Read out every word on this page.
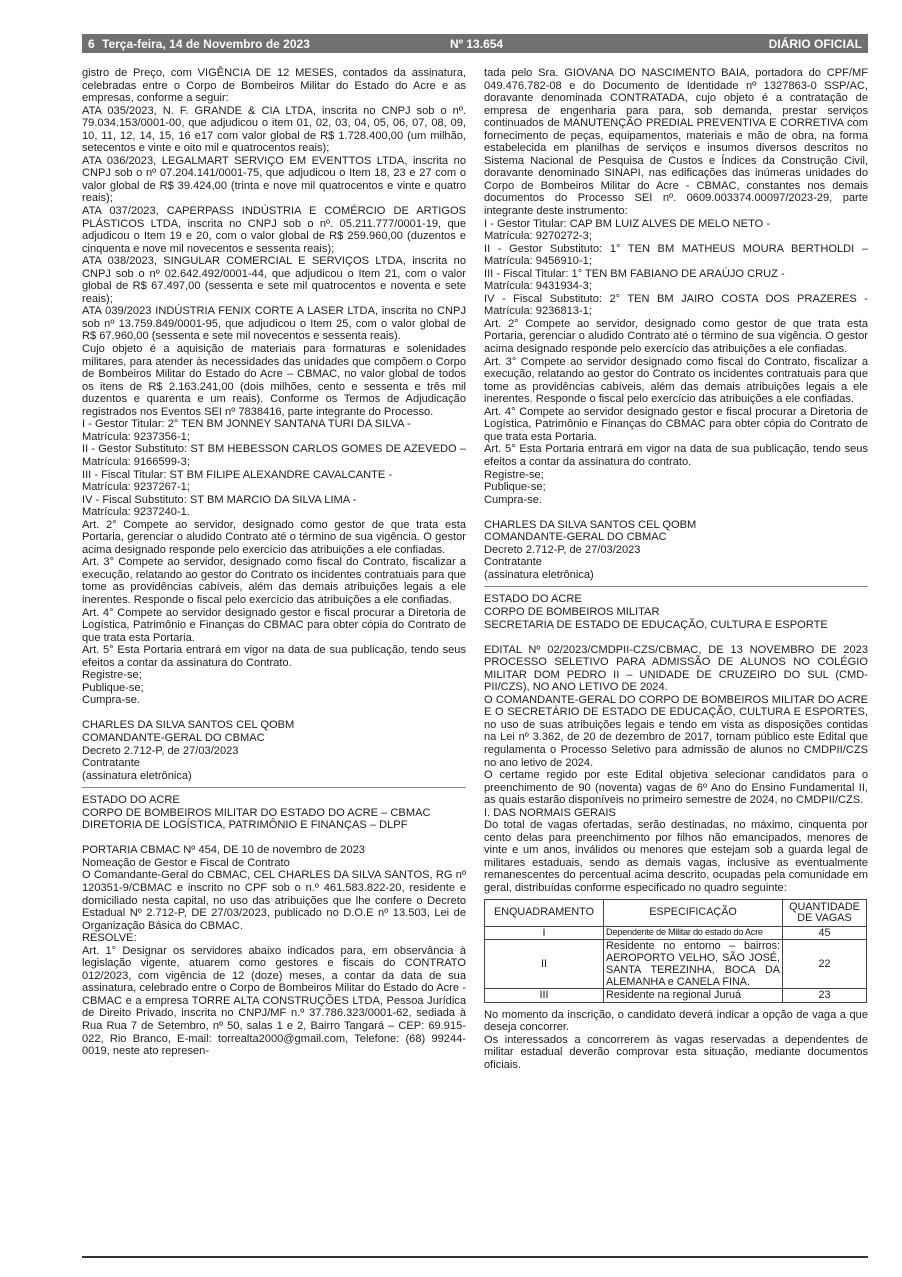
6 Terça-feira, 14 de Novembro de 2023	Nº 13.654	DIÁRIO OFICIAL

gistro de Preço, com VIGÊNCIA DE 12 MESES, contados da assinatura, celebradas entre o Corpo de Bombeiros Militar do Estado do Acre e as empresas, conforme a seguir:

ATA 035/2023, N. F. GRANDE & CIA LTDA, inscrita no CNPJ sob o nº. 79.034.153/0001-00, que adjudicou o item 01, 02, 03, 04, 05, 06, 07, 08, 09, 10, 11, 12, 14, 15, 16 e17 com valor global de R$ 1.728.400,00 (um milhão, setecentos e vinte e oito mil e quatrocentos reais);

ATA 036/2023, LEGALMART SERVIÇO EM EVENTTOS LTDA, inscrita no CNPJ sob o nº 07.204.141/0001-75, que adjudicou o Item 18, 23 e 27 com o valor global de R$ 39.424,00 (trinta e nove mil quatrocentos e vinte e quatro reais);

ATA 037/2023, CAPERPASS INDÚSTRIA E COMÉRCIO DE ARTIGOS PLÁSTICOS LTDA, inscrita no CNPJ sob o nº. 05.211.777/0001-19, que adjudicou o Item 19 e 20, com o valor global de R$ 259.960,00 (duzentos e cinquenta e nove mil novecentos e sessenta reais);

ATA 038/2023, SINGULAR COMERCIAL E SERVIÇOS LTDA, inscrita no CNPJ sob o nº 02.642.492/0001-44, que adjudicou o Item 21, com o valor global de R$ 67.497,00 (sessenta e sete mil quatrocentos e noventa e sete reais);

ATA 039/2023 INDÚSTRIA FENIX CORTE A LASER LTDA, inscrita no CNPJ sob nº 13.759.849/0001-95, que adjudicou o Item 25, com o valor global de R$ 67.960,00 (sessenta e sete mil novecentos e sessenta reais).

Cujo objeto é a aquisição de materiais para formaturas e solenidades militares, para atender às necessidades das unidades que compõem o Corpo de Bombeiros Militar do Estado do Acre – CBMAC, no valor global de todos os itens de R$ 2.163.241,00 (dois milhões, cento e sessenta e três mil duzentos e quarenta e um reais). Conforme os Termos de Adjudicação registrados nos Eventos SEI nº 7838416, parte integrante do Processo.

I - Gestor Titular: 2° TEN BM JONNEY SANTANA TURI DA SILVA -

Matrícula: 9237356-1;

II - Gestor Substituto: ST BM HEBESSON CARLOS GOMES DE AZEVEDO – Matrícula: 9166599-3;

III - Fiscal Titular: ST BM FILIPE ALEXANDRE CAVALCANTE -

Matrícula: 9237267-1;

IV - Fiscal Substituto: ST BM MARCIO DA SILVA LIMA -

Matrícula: 9237240-1.

Art. 2° Compete ao servidor, designado como gestor de que trata esta Portaria, gerenciar o aludido Contrato até o término de sua vigência. O gestor acima designado responde pelo exercício das atribuições a ele confiadas.

Art. 3° Compete ao servidor, designado como fiscal do Contrato, fiscalizar a execução, relatando ao gestor do Contrato os incidentes contratuais para que tome as providências cabíveis, além das demais atribuições legais a ele inerentes. Responde o fiscal pelo exercício das atribuições a ele confiadas.

Art. 4° Compete ao servidor designado gestor e fiscal procurar a Diretoria de Logística, Patrimônio e Finanças do CBMAC para obter cópia do Contrato de que trata esta Portaria.

Art. 5° Esta Portaria entrará em vigor na data de sua publicação, tendo seus efeitos a contar da assinatura do Contrato.

Registre-se;

Publique-se;

Cumpra-se.

CHARLES DA SILVA SANTOS CEL QOBM

COMANDANTE-GERAL DO CBMAC

Decreto 2.712-P, de 27/03/2023

Contratante

(assinatura eletrônica)

ESTADO DO ACRE

CORPO DE BOMBEIROS MILITAR DO ESTADO DO ACRE – CBMAC

DIRETORIA DE LOGÍSTICA, PATRIMÔNIO E FINANÇAS – DLPF

PORTARIA CBMAC Nº 454, DE 10 de novembro de 2023

Nomeação de Gestor e Fiscal de Contrato

O Comandante-Geral do CBMAC, CEL CHARLES DA SILVA SANTOS, RG nº 120351-9/CBMAC e inscrito no CPF sob o n.º 461.583.822-20, residente e domiciliado nesta capital, no uso das atribuições que lhe confere o Decreto Estadual Nº 2.712-P, DE 27/03/2023, publicado no D.O.E nº 13.503, Lei de Organização Básica do CBMAC.

RESOLVE:

Art. 1° Designar os servidores abaixo indicados para, em observância à legislação vigente, atuarem como gestores e fiscais do CONTRATO 012/2023, com vigência de 12 (doze) meses, a contar da data de sua assinatura, celebrado entre o Corpo de Bombeiros Militar do Estado do Acre - CBMAC e a empresa TORRE ALTA CONSTRUÇÕES LTDA, Pessoa Jurídica de Direito Privado, inscrita no CNPJ/MF n.º 37.786.323/0001-62, sediada à Rua Rua 7 de Setembro, nº 50, salas 1 e 2, Bairro Tangará – CEP: 69.915-022, Rio Branco, E-mail: torrealta2000@gmail.com, Telefone: (68) 99244-0019, neste ato represen-

tada pelo Sra. GIOVANA DO NASCIMENTO BAIA, portadora do CPF/MF 049.476.782-08 e do Documento de Identidade nº 1327863-0 SSP/AC, doravante denominada CONTRATADA, cujo objeto é a contratação de empresa de engenharia para para, sob demanda, prestar serviços continuados de MANUTENÇÃO PREDIAL PREVENTIVA E CORRETIVA com fornecimento de peças, equipamentos, materiais e mão de obra, na forma estabelecida em planilhas de serviços e insumos diversos descritos no Sistema Nacional de Pesquisa de Custos e Índices da Construção Civil, doravante denominado SINAPI, nas edificações das inúmeras unidades do Corpo de Bombeiros Militar do Acre - CBMAC, constantes nos demais documentos do Processo SEI nº. 0609.003374.00097/2023-29, parte integrante deste instrumento:

I - Gestor Titular: CAP BM LUIZ ALVES DE MELO NETO -

Matrícula: 9270272-3;

II - Gestor Substituto: 1° TEN BM MATHEUS MOURA BERTHOLDI – Matrícula: 9456910-1;

III - Fiscal Titular: 1° TEN BM FABIANO DE ARAÚJO CRUZ -

Matrícula: 9431934-3;

IV - Fiscal Substituto: 2° TEN BM JAIRO COSTA DOS PRAZERES - Matrícula: 9236813-1;

Art. 2° Compete ao servidor, designado como gestor de que trata esta Portaria, gerenciar o aludido Contrato até o término de sua vigência. O gestor acima designado responde pelo exercício das atribuições a ele confiadas.

Art. 3° Compete ao servidor designado como fiscal do Contrato, fiscalizar a execução, relatando ao gestor do Contrato os incidentes contratuais para que tome as providências cabíveis, além das demais atribuições legais a ele inerentes. Responde o fiscal pelo exercício das atribuições a ele confiadas.

Art. 4° Compete ao servidor designado gestor e fiscal procurar a Diretoria de Logística, Patrimônio e Finanças do CBMAC para obter cópia do Contrato de que trata esta Portaria.

Art. 5° Esta Portaria entrará em vigor na data de sua publicação, tendo seus efeitos a contar da assinatura do contrato.

Registre-se;

Publique-se;

Cumpra-se.

CHARLES DA SILVA SANTOS CEL QOBM

COMANDANTE-GERAL DO CBMAC

Decreto 2.712-P, de 27/03/2023

Contratante

(assinatura eletrônica)

ESTADO DO ACRE

CORPO DE BOMBEIROS MILITAR

SECRETARIA DE ESTADO DE EDUCAÇÃO, CULTURA E ESPORTE

EDITAL Nº 02/2023/CMDPII-CZS/CBMAC, DE 13 NOVEMBRO DE 2023 PROCESSO SELETIVO PARA ADMISSÃO DE ALUNOS NO COLÉGIO MILITAR DOM PEDRO II – UNIDADE DE CRUZEIRO DO SUL (CMD-PII/CZS), NO ANO LETIVO DE 2024.

O COMANDANTE-GERAL DO CORPO DE BOMBEIROS MILITAR DO ACRE E O SECRETÁRIO DE ESTADO DE EDUCAÇÃO, CULTURA E ESPORTES, no uso de suas atribuições legais e tendo em vista as disposições contidas na Lei nº 3.362, de 20 de dezembro de 2017, tornam público este Edital que regulamenta o Processo Seletivo para admissão de alunos no CMDPII/CZS no ano letivo de 2024.

O certame regido por este Edital objetiva selecionar candidatos para o preenchimento de 90 (noventa) vagas de 6º Ano do Ensino Fundamental II, as quais estarão disponíveis no primeiro semestre de 2024, no CMDPII/CZS.

I. DAS NORMAIS GERAIS

Do total de vagas ofertadas, serão destinadas, no máximo, cinquenta por cento delas para preenchimento por filhos não emancipados, menores de vinte e um anos, inválidos ou menores que estejam sob a guarda legal de militares estaduais, sendo as demais vagas, inclusive as eventualmente remanescentes do percentual acima descrito, ocupadas pela comunidade em geral, distribuídas conforme especificado no quadro seguinte:

ENQUADRAMENTO	ESPECIFICAÇÃO	QUANTIDADE DE VAGAS
I	Dependente de Militar do estado do Acre	45
II	Residente no entorno – bairros: AEROPORTO VELHO, SÃO JOSÉ, SANTA TEREZINHA, BOCA DA ALEMANHA e CANELA FINA.	22
III	Residente na regional Juruá	23

No momento da inscrição, o candidato deverá indicar a opção de vaga a que deseja concorrer.

Os interessados a concorrerem às vagas reservadas a dependentes de militar estadual deverão comprovar esta situação, mediante documentos oficiais.
